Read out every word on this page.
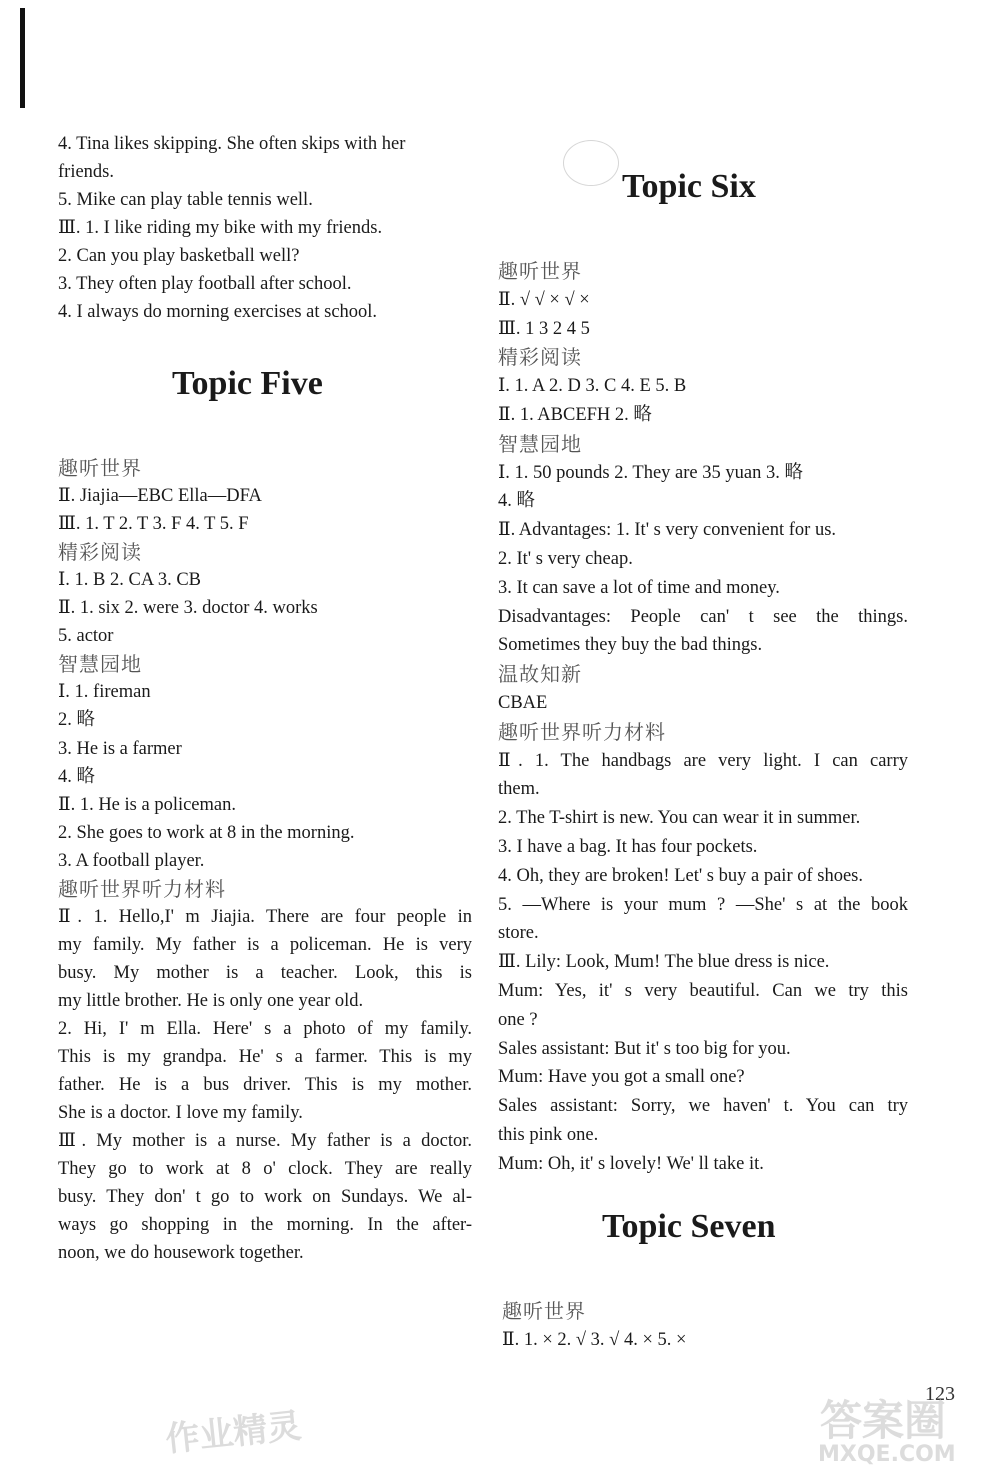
4. Tina likes skipping. She often skips with her
friends.
5. Mike can play table tennis well.
Ⅲ. 1. I like riding my bike with my friends.
2. Can you play basketball well?
3. They often play football after school.
4. I always do morning exercises at school.
Topic Five
趣听世界
Ⅱ. Jiajia—EBC Ella—DFA
Ⅲ. 1. T 2. T 3. F 4. T 5. F
精彩阅读
Ⅰ. 1. B 2. CA 3. CB
Ⅱ. 1. six 2. were 3. doctor 4. works
5. actor
智慧园地
Ⅰ. 1. fireman
2. 略
3. He is a farmer
4. 略
Ⅱ. 1. He is a policeman.
2. She goes to work at 8 in the morning.
3. A football player.
趣听世界听力材料
Ⅱ. 1. Hello,I' m Jiajia. There are four people in
my family. My father is a policeman. He is very
busy. My mother is a teacher. Look, this is
my little brother. He is only one year old.
2. Hi, I' m Ella. Here' s a photo of my family.
This is my grandpa. He' s a farmer. This is my
father. He is a bus driver. This is my mother.
She is a doctor. I love my family.
Ⅲ. My mother is a nurse. My father is a doctor.
They go to work at 8 o' clock. They are really
busy. They don' t go to work on Sundays. We al-
ways go shopping in the morning. In the after-
noon, we do housework together.
Topic Six
趣听世界
Ⅱ. √ √ × √ ×
Ⅲ. 1 3 2 4 5
精彩阅读
Ⅰ. 1. A 2. D 3. C 4. E 5. B
Ⅱ. 1. ABCEFH 2. 略
智慧园地
Ⅰ. 1. 50 pounds 2. They are 35 yuan 3. 略
4. 略
Ⅱ. Advantages: 1. It' s very convenient for us.
2. It' s very cheap.
3. It can save a lot of time and money.
Disadvantages: People can' t see the things.
Sometimes they buy the bad things.
温故知新
CBAE
趣听世界听力材料
Ⅱ. 1. The handbags are very light. I can carry
them.
2. The T-shirt is new. You can wear it in summer.
3. I have a bag. It has four pockets.
4. Oh, they are broken! Let' s buy a pair of shoes.
5. —Where is your mum ? —She' s at the book
store.
Ⅲ. Lily: Look, Mum! The blue dress is nice.
Mum: Yes, it' s very beautiful. Can we try this
one ?
Sales assistant: But it' s too big for you.
Mum: Have you got a small one?
Sales assistant: Sorry, we haven' t. You can try
this pink one.
Mum: Oh, it' s lovely! We' ll take it.
Topic Seven
趣听世界
Ⅱ. 1. × 2. √ 3. √ 4. × 5. ×
123
作业精灵	答案圈
MXQE.COM
